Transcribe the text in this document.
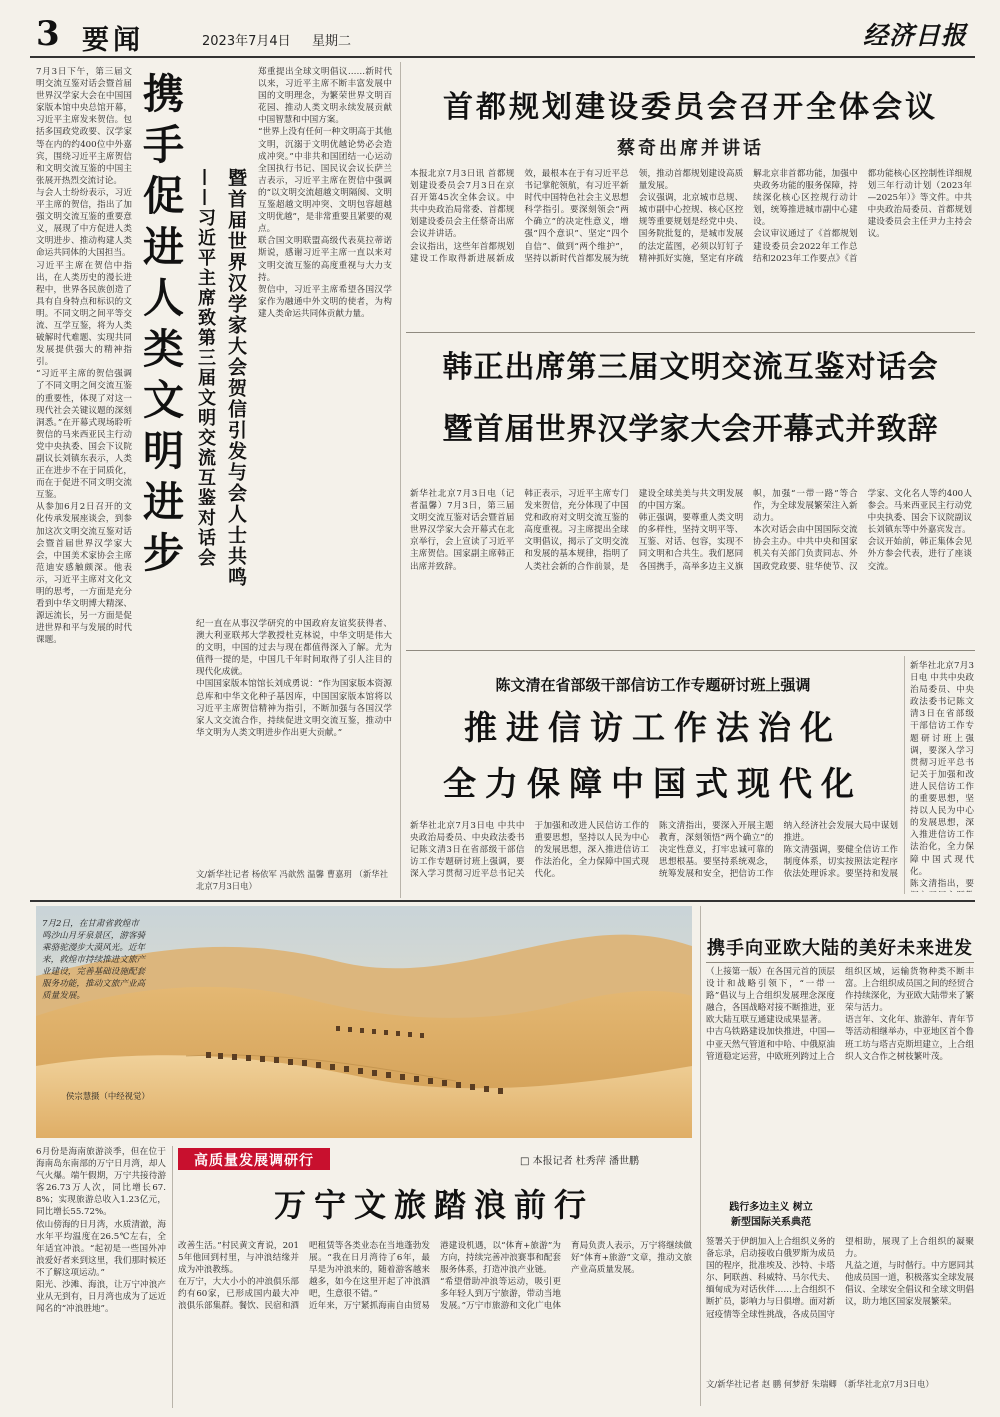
3 要闻	2023年7月4日 星期二	经济日报
7月3日下午，第三届文明交流互鉴对话会暨首届世界汉学家大会在中国国家版本馆中央总馆开幕，习近平主席发来贺信。包括多国政党政要、汉学家等在内的约400位中外嘉宾，围绕习近平主席贺信和文明交流互鉴的中国主张展开热烈交流讨论。
与会人士纷纷表示，习近平主席的贺信，指出了加强文明交流互鉴的重要意义，展现了中方促进人类文明进步、推动构建人类命运共同体的大国担当。
习近平主席在贺信中指出，在人类历史的漫长进程中，世界各民族创造了具有自身特点和标识的文明。不同文明之间平等交流、互学互鉴，将为人类破解时代难题、实现共同发展提供强大的精神指引。
“习近平主席的贺信强调了不同文明之间交流互鉴的重要性，体现了对这一现代社会关键议题的深刻洞悉。”在开幕式现场聆听贺信的马来西亚民主行动党中央执委、国会下议院副议长刘镇东表示，人类正在进步不在于同质化，而在于促进不同文明交流互鉴。
从参加6月2日召开的文化传承发展座谈会，到参加这次文明交流互鉴对话会暨首届世界汉学家大会，中国美术家协会主席范迪安感触颇深。他表示，习近平主席对文化文明的思考，一方面是充分看到中华文明博大精深、源远流长，另一方面是促进世界和平与发展的时代课题。
携手促进人类文明进步	暨首届世界汉学家大会贺信引发与会人士共鸣
——习近平主席致第三届文明交流互鉴对话会
郑重提出全球文明倡议……新时代以来，习近平主席不断丰富发展中国的文明理念，为繁荣世界文明百花园、推动人类文明永续发展贡献中国智慧和中国方案。
“世界上没有任何一种文明高于其他文明，沉溺于文明优越论势必会造成冲突。”中非共和国团结一心运动全国执行书记、国民议会议长萨兰吉表示，习近平主席在贺信中强调的“以文明交流超越文明隔阂、文明互鉴超越文明冲突、文明包容超越文明优越”，是非常重要且紧要的观点。
联合国文明联盟高级代表莫拉蒂诺斯说，感谢习近平主席一直以来对文明交流互鉴的高度重视与大力支持。
贺信中，习近平主席希望各国汉学家作为融通中外文明的使者，为构建人类命运共同体贡献力量。
纪一直在从事汉学研究的中国政府友谊奖获得者、澳大利亚联邦大学教授杜克林说，中华文明是伟大的文明，中国的过去与现在都值得深入了解。尤为值得一提的是，中国几千年时间取得了引人注目的现代化成就。
中国国家版本馆馆长刘成勇说：“作为国家版本资源总库和中华文化种子基因库，中国国家版本馆将以习近平主席贺信精神为指引，不断加强与各国汉学家人文交流合作，持续促进文明交流互鉴，推动中华文明为人类文明进步作出更大贡献。”
文/新华社记者 杨依军 冯歆然 温馨 曹嘉玥 （新华社北京7月3日电）
首都规划建设委员会召开全体会议
蔡奇出席并讲话
本报北京7月3日讯 首都规划建设委员会7月3日在京召开第45次全体会议。中共中央政治局常委、首都规划建设委员会主任蔡奇出席会议并讲话。
会议指出，这些年首都规划建设工作取得新进展新成效，最根本在于有习近平总书记掌舵领航，有习近平新时代中国特色社会主义思想科学指引。要深刻领会“两个确立”的决定性意义，增强“四个意识”、坚定“四个自信”、做到“两个维护”，坚持以新时代首都发展为统领，推动首都规划建设高质量发展。
会议强调，北京城市总规、城市副中心控规、核心区控规等重要规划是经党中央、国务院批复的，是城市发展的法定蓝图，必须以钉钉子精神抓好实施，坚定有序疏解北京非首都功能，加强中央政务功能的服务保障，持续深化核心区控规行动计划，统筹推进城市副中心建设。
会议审议通过了《首都规划建设委员会2022年工作总结和2023年工作要点》《首都功能核心区控制性详细规划三年行动计划（2023年—2025年）》等文件。中共中央政治局委员、首都规划建设委员会主任尹力主持会议。
韩正出席第三届文明交流互鉴对话会
暨首届世界汉学家大会开幕式并致辞
新华社北京7月3日电（记者温馨）7月3日，第三届文明交流互鉴对话会暨首届世界汉学家大会开幕式在北京举行，会上宣读了习近平主席贺信。国家副主席韩正出席并致辞。
韩正表示，习近平主席专门发来贺信，充分体现了中国党和政府对文明交流互鉴的高度重视。习主席提出全球文明倡议，揭示了文明交流和发展的基本规律，指明了人类社会新的合作前景，是建设全球美美与共文明发展的中国方案。
韩正强调，要尊重人类文明的多样性，坚持文明平等、互鉴、对话、包容，实现不同文明和合共生。我们愿同各国携手，高举多边主义旗帜，加强“一带一路”等合作，为全球发展繁荣注入新动力。
本次对话会由中国国际交流协会主办。中共中央和国家机关有关部门负责同志、外国政党政要、驻华使节、汉学家、文化名人等约400人参会。马来西亚民主行动党中央执委、国会下议院副议长刘镇东等中外嘉宾发言。
会议开始前，韩正集体会见外方参会代表，进行了座谈交流。
陈文清在省部级干部信访工作专题研讨班上强调
推进信访工作法治化
全力保障中国式现代化
新华社北京7月3日电 中共中央政治局委员、中央政法委书记陈文清3日在省部级干部信访工作专题研讨班上强调，要深入学习贯彻习近平总书记关于加强和改进人民信访工作的重要思想，坚持以人民为中心的发展思想，深入推进信访工作法治化，全力保障中国式现代化。
陈文清指出，要深入开展主题教育，深刻领悟“两个确立”的决定性意义，打牢忠诚可靠的思想根基。要坚持系统观念，统筹发展和安全，把信访工作纳入经济社会发展大局中谋划推进。
陈文清强调，要健全信访工作制度体系，切实按照法定程序依法处理诉求。要坚持和发展
新华社北京7月3日电 中共中央政治局委员、中央政法委书记陈文清3日在省部级干部信访工作专题研讨班上强调，要深入学习贯彻习近平总书记关于加强和改进人民信访工作的重要思想，坚持以人民为中心的发展思想，深入推进信访工作法治化，全力保障中国式现代化。
陈文清指出，要

7月2日，在甘肃省敦煌市鸣沙山月牙泉景区，游客骑乘骆驼漫步大漠风光。近年来，敦煌市持续推进文旅产业建设，完善基础设施配套服务功能，推动文旅产业高质量发展。
侯宗慧摄（中经视觉）
携手向亚欧大陆的美好未来进发
（上接第一版）在各国元首的顶层设计和战略引领下，“一带一路”倡议与上合组织发展理念深度融合，各国战略对接不断推进，亚欧大陆互联互通建设成果显著。
中吉乌铁路建设加快推进，中国—中亚天然气管道和中哈、中俄原油管道稳定运营，中欧班列跨过上合组织区域，运输货物种类不断丰富。上合组织成员国之间的经贸合作持续深化，为亚欧大陆带来了繁荣与活力。
语言年、文化年、旅游年、青年节等活动相继举办，中亚地区首个鲁班工坊与塔吉克斯坦建立，上合组织人文合作之树枝繁叶茂。
践行多边主义 树立
新型国际关系典范
签署关于伊朗加入上合组织义务的备忘录，启动接收白俄罗斯为成员国的程序，批准埃及、沙特、卡塔尔、阿联酋、科威特、马尔代夫、缅甸成为对话伙伴……上合组织不断扩员，影响力与日俱增。面对新冠疫情等全球性挑战，各成员国守望相助，展现了上合组织的凝聚力。
凡益之道，与时偕行。中方愿同其他成员国一道，积极落实全球发展倡议、全球安全倡议和全球文明倡议，助力地区国家发展繁荣。
文/新华社记者 赵 鹏 何梦舒 朱瑞卿 （新华社北京7月3日电）
6月份是海南旅游淡季，但在位于海南岛东南部的万宁日月湾，却人气火爆。端午假期，万宁共接待游客26.73万人次，同比增长67.8%；实现旅游总收入1.23亿元，同比增长55.72%。
依山傍海的日月湾，水质清澈，海水年平均温度在26.5℃左右，全年适宜冲浪。“起初是一些国外冲浪爱好者来到这里，我们那时候还不了解这项运动。”
阳光、沙滩、海浪，让万宁冲浪产业从无到有，日月湾也成为了远近闻名的“冲浪胜地”。
高质量发展调研行	□ 本报记者 杜秀萍 潘世鹏
万宁文旅踏浪前行
改善生活。”村民黄文育说，2015年他回到村里，与冲浪结缘并成为冲浪教练。
在万宁，大大小小的冲浪俱乐部约有60家，已形成国内最大冲浪俱乐部集群。餐饮、民宿和酒吧租赁等各类业态在当地蓬勃发展。“我在日月湾待了6年，最早是为冲浪来的，随着游客越来越多，如今在这里开起了冲浪酒吧，生意很不错。”
近年来，万宁紧抓海南自由贸易港建设机遇，以“体育+旅游”为方向，持续完善冲浪赛事和配套服务体系，打造冲浪产业链。
“希望借助冲浪等运动，吸引更多年轻人到万宁旅游，带动当地发展。”万宁市旅游和文化广电体育局负责人表示，万宁将继续做好“体育+旅游”文章，推动文旅产业高质量发展。
